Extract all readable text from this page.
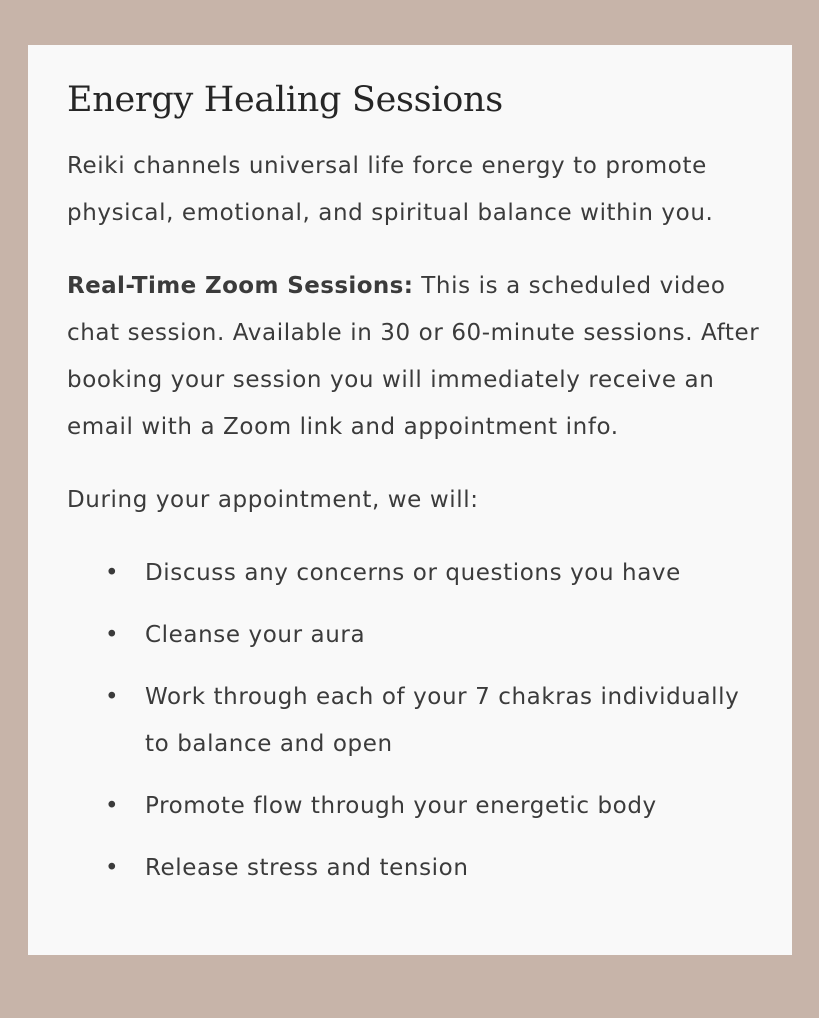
Energy Healing Sessions

Reiki channels universal life force energy to promote physical, emotional, and spiritual balance within you.

Real-Time Zoom Sessions: This is a scheduled video chat session. Available in 30 or 60-minute sessions. After booking your session you will immediately receive an email with a Zoom link and appointment info.

During your appointment, we will:

• Discuss any concerns or questions you have
• Cleanse your aura
• Work through each of your 7 chakras individually to balance and open
• Promote flow through your energetic body
• Release stress and tension
